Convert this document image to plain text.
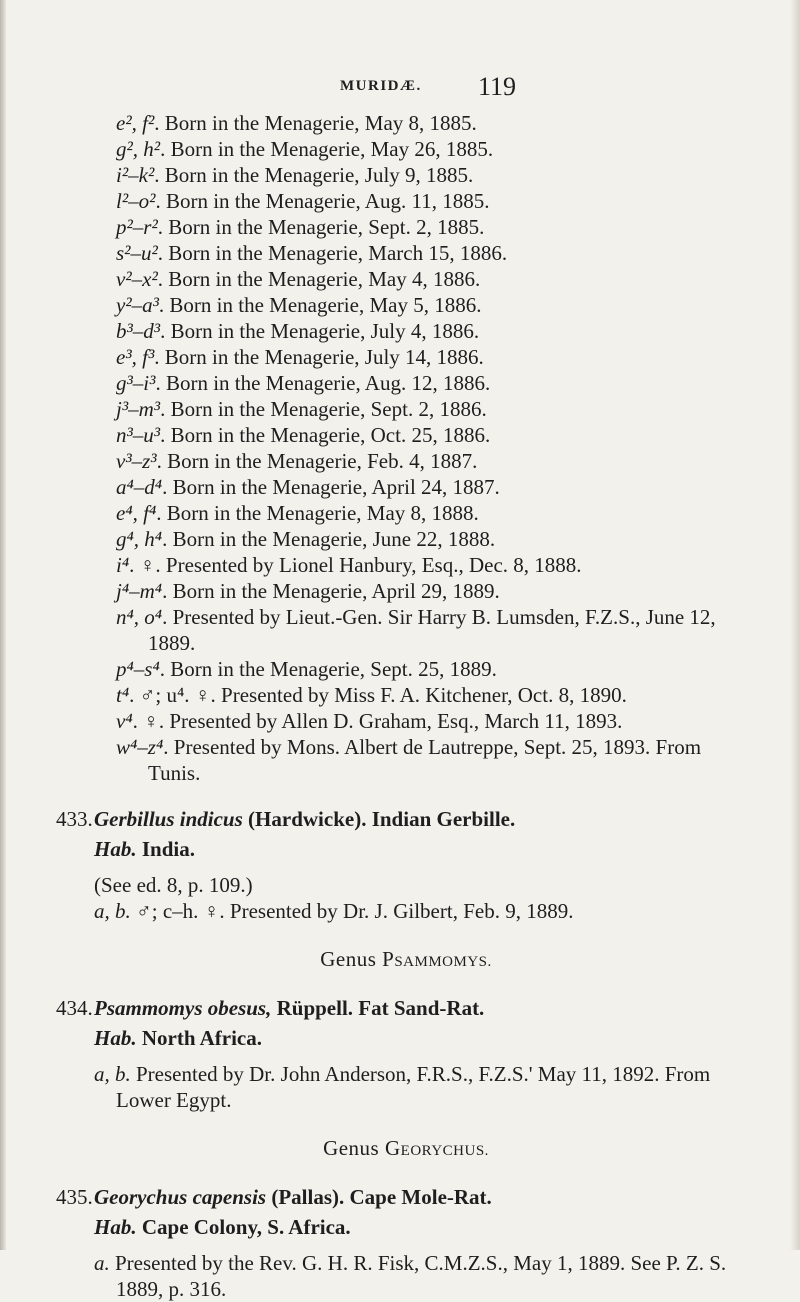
MURIDÆ. 119

e², f². Born in the Menagerie, May 8, 1885.

g², h². Born in the Menagerie, May 26, 1885.

i²–k². Born in the Menagerie, July 9, 1885.

l²–o². Born in the Menagerie, Aug. 11, 1885.

p²–r². Born in the Menagerie, Sept. 2, 1885.

s²–u². Born in the Menagerie, March 15, 1886.

v²–x². Born in the Menagerie, May 4, 1886.

y²–a³. Born in the Menagerie, May 5, 1886.

b³–d³. Born in the Menagerie, July 4, 1886.

e³, f³. Born in the Menagerie, July 14, 1886.

g³–i³. Born in the Menagerie, Aug. 12, 1886.

j³–m³. Born in the Menagerie, Sept. 2, 1886.

n³–u³. Born in the Menagerie, Oct. 25, 1886.

v³–z³. Born in the Menagerie, Feb. 4, 1887.

a⁴–d⁴. Born in the Menagerie, April 24, 1887.

e⁴, f⁴. Born in the Menagerie, May 8, 1888.

g⁴, h⁴. Born in the Menagerie, June 22, 1888.

i⁴. ♀. Presented by Lionel Hanbury, Esq., Dec. 8, 1888.

j⁴–m⁴. Born in the Menagerie, April 29, 1889.

n⁴, o⁴. Presented by Lieut.-Gen. Sir Harry B. Lumsden, F.Z.S., June 12, 1889.

p⁴–s⁴. Born in the Menagerie, Sept. 25, 1889.

t⁴. ♂; u⁴. ♀. Presented by Miss F. A. Kitchener, Oct. 8, 1890.

v⁴. ♀. Presented by Allen D. Graham, Esq., March 11, 1893.

w⁴–z⁴. Presented by Mons. Albert de Lautreppe, Sept. 25, 1893. From Tunis.

433.Gerbillus indicus (Hardwicke). Indian Gerbille.

Hab. India.

(See ed. 8, p. 109.)

a, b. ♂; c–h. ♀. Presented by Dr. J. Gilbert, Feb. 9, 1889.

Genus PSAMMOMYS.

434.Psammomys obesus, Rüppell. Fat Sand-Rat.

Hab. North Africa.

a, b. Presented by Dr. John Anderson, F.R.S., F.Z.S.' May 11, 1892. From Lower Egypt.

Genus GEORYCHUS.

435.Georychus capensis (Pallas). Cape Mole-Rat.

Hab. Cape Colony, S. Africa.

a. Presented by the Rev. G. H. R. Fisk, C.M.Z.S., May 1, 1889. See P. Z. S. 1889, p. 316.
